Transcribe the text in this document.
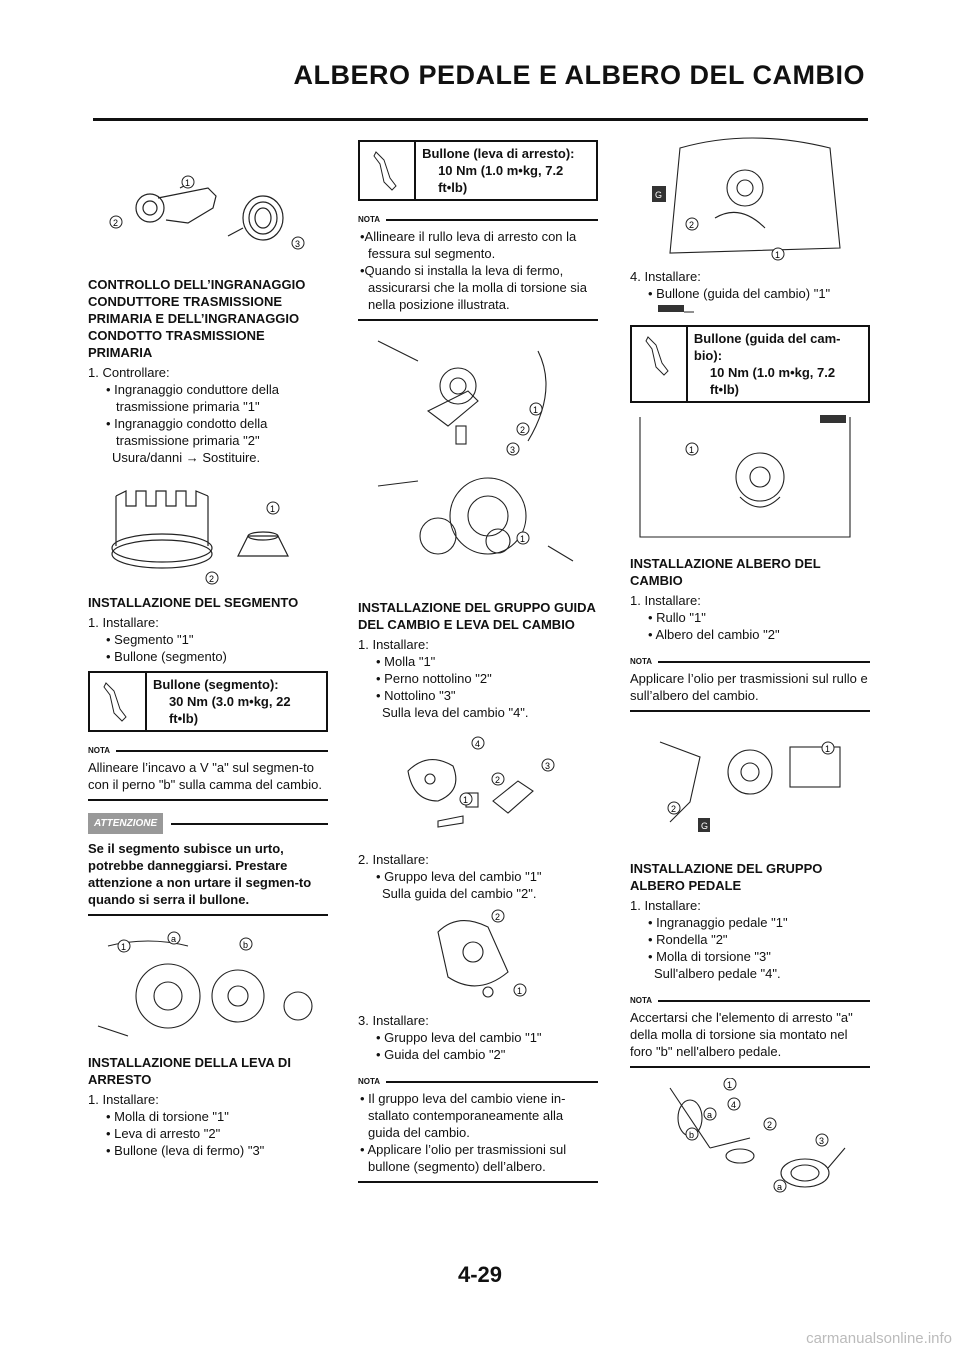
ALBERO PEDALE E ALBERO DEL CAMBIO
1
2
3
CONTROLLO DELL’INGRANAGGIO CONDUTTORE TRASMISSIONE PRIMARIA E DELL’INGRANAGGIO CONDOTTO TRASMISSIONE PRIMARIA
1. Controllare:
• Ingranaggio conduttore della trasmissione primaria "1"
• Ingranaggio condotto della trasmissione primaria "2"
Usura/danni → Sostituire.
1
2
INSTALLAZIONE DEL SEGMENTO
1. Installare:
• Segmento "1"
• Bullone (segmento)
Bullone (segmento):
30 Nm (3.0 m•kg, 22 ft•lb)
NOTA
Allineare l’incavo a V "a" sul segmen-to con il perno "b" sulla camma del cambio.
ATTENZIONE
Se il segmento subisce un urto, potrebbe danneggiarsi. Prestare attenzione a non urtare il segmen-to quando si serra il bullone.
1
a
b
INSTALLAZIONE DELLA LEVA DI ARRESTO
1. Installare:
• Molla di torsione "1"
• Leva di arresto "2"
• Bullone (leva di fermo) "3"
Bullone (leva di arresto):
10 Nm (1.0 m•kg, 7.2 ft•lb)
NOTA
•Allineare il rullo leva di arresto con la fessura sul segmento.
•Quando si installa la leva di fermo, assicurarsi che la molla di torsione sia nella posizione illustrata.
1
2
3
1
INSTALLAZIONE DEL GRUPPO GUIDA DEL CAMBIO E LEVA DEL CAMBIO
1. Installare:
• Molla "1"
• Perno nottolino "2"
• Nottolino "3"
Sulla leva del cambio "4".
4
2
3
1
2. Installare:
• Gruppo leva del cambio "1"
Sulla guida del cambio "2".
2
1
3. Installare:
• Gruppo leva del cambio "1"
• Guida del cambio "2"
NOTA
• Il gruppo leva del cambio viene in-stallato contemporaneamente alla guida del cambio.
• Applicare l’olio per trasmissioni sul bullone (segmento) dell’albero.
G
2
1
4. Installare:
• Bullone (guida del cambio) "1"
Bullone (guida del cam-bio):
10 Nm (1.0 m•kg, 7.2 ft•lb)
1
INSTALLAZIONE ALBERO DEL CAMBIO
1. Installare:
• Rullo "1"
• Albero del cambio "2"
NOTA
Applicare l’olio per trasmissioni sul rullo e sull’albero del cambio.
G
1
2
INSTALLAZIONE DEL GRUPPO ALBERO PEDALE
1. Installare:
• Ingranaggio pedale "1"
• Rondella "2"
• Molla di torsione "3"
Sull'albero pedale "4".
NOTA
Accertarsi che l'elemento di arresto "a" della molla di torsione sia montato nel foro "b" nell'albero pedale.
1
4
a
b
2
3
a
4-29
carmanualsonline.info
